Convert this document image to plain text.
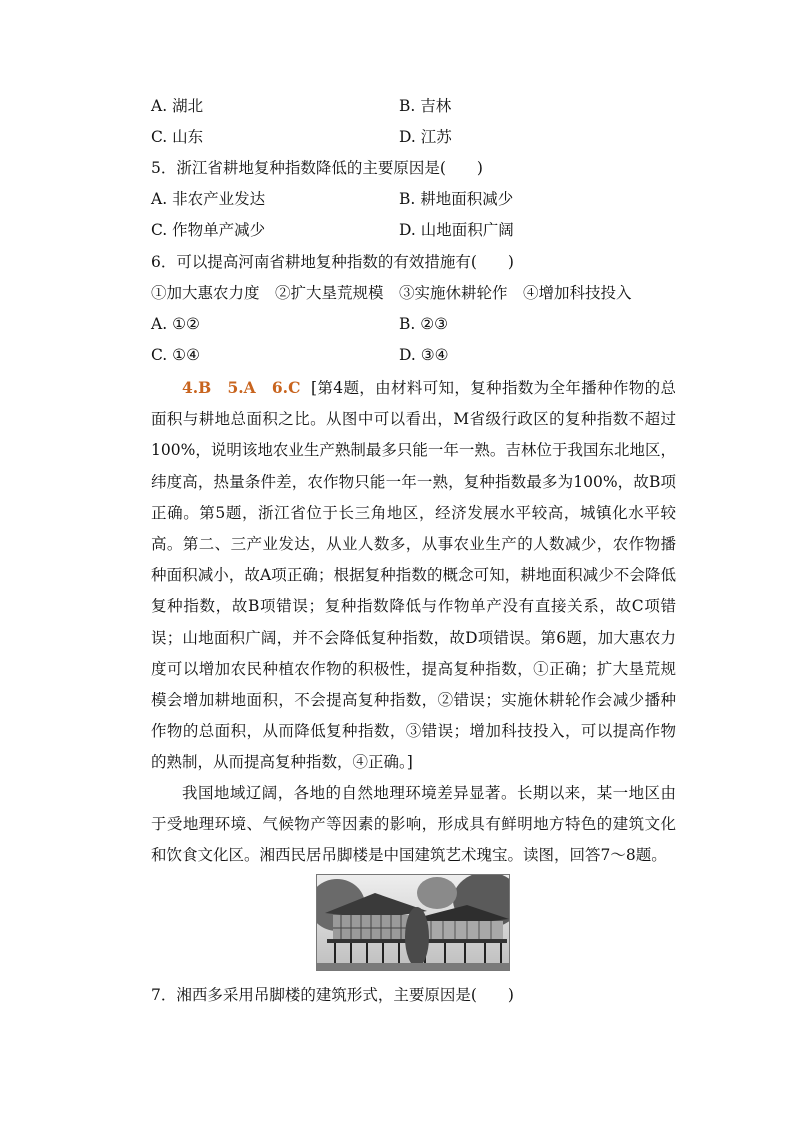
A. 湖北	B. 吉林
C. 山东	D. 江苏
5．浙江省耕地复种指数降低的主要原因是(　　)
A. 非农产业发达	B. 耕地面积减少
C. 作物单产减少	D. 山地面积广阔
6．可以提高河南省耕地复种指数的有效措施有(　　)
①加大惠农力度　②扩大垦荒规模　③实施休耕轮作　④增加科技投入
A. ①②	B. ②③
C. ①④	D. ③④
4.B　5.A　6.C [第4题，由材料可知，复种指数为全年播种作物的总面积与耕地总面积之比。从图中可以看出，M省级行政区的复种指数不超过100%，说明该地农业生产熟制最多只能一年一熟。吉林位于我国东北地区，纬度高，热量条件差，农作物只能一年一熟，复种指数最多为100%，故B项正确。第5题，浙江省位于长三角地区，经济发展水平较高，城镇化水平较高。第二、三产业发达，从业人数多，从事农业生产的人数减少，农作物播种面积减小，故A项正确；根据复种指数的概念可知，耕地面积减少不会降低复种指数，故B项错误；复种指数降低与作物单产没有直接关系，故C项错误；山地面积广阔，并不会降低复种指数，故D项错误。第6题，加大惠农力度可以增加农民种植农作物的积极性，提高复种指数，①正确；扩大垦荒规模会增加耕地面积，不会提高复种指数，②错误；实施休耕轮作会减少播种作物的总面积，从而降低复种指数，③错误；增加科技投入，可以提高作物的熟制，从而提高复种指数，④正确。]
我国地域辽阔，各地的自然地理环境差异显著。长期以来，某一地区由于受地理环境、气候物产等因素的影响，形成具有鲜明地方特色的建筑文化和饮食文化区。湘西民居吊脚楼是中国建筑艺术瑰宝。读图，回答7～8题。
7．湘西多采用吊脚楼的建筑形式，主要原因是(　　)
